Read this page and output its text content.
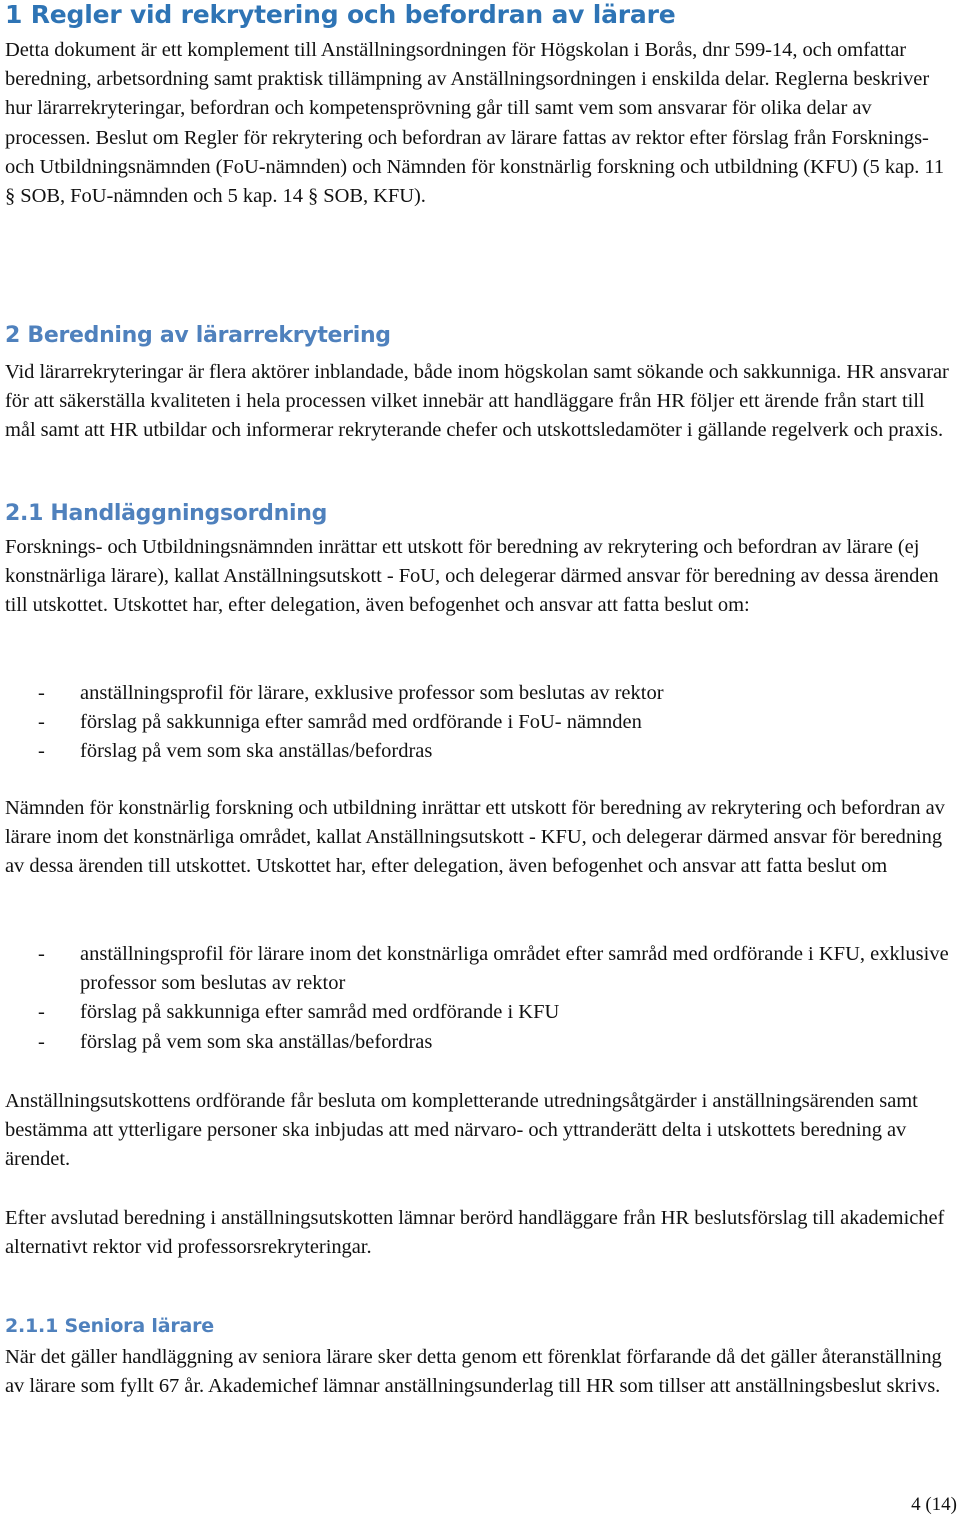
1 Regler vid rekrytering och befordran av lärare

Detta dokument är ett komplement till Anställningsordningen för Högskolan i Borås, dnr 599-14, och omfattar beredning, arbetsordning samt praktisk tillämpning av Anställningsordningen i enskilda delar. Reglerna beskriver hur lärarrekryteringar, befordran och kompetensprövning går till samt vem som ansvarar för olika delar av processen. Beslut om Regler för rekrytering och befordran av lärare fattas av rektor efter förslag från Forsknings- och Utbildningsnämnden (FoU-nämnden) och Nämnden för konstnärlig forskning och utbildning (KFU) (5 kap. 11 § SOB, FoU-nämnden och 5 kap. 14 § SOB, KFU).

2 Beredning av lärarrekrytering

Vid lärarrekryteringar är flera aktörer inblandade, både inom högskolan samt sökande och sakkunniga. HR ansvarar för att säkerställa kvaliteten i hela processen vilket innebär att handläggare från HR följer ett ärende från start till mål samt att HR utbildar och informerar rekryterande chefer och utskottsledamöter i gällande regelverk och praxis.

2.1 Handläggningsordning

Forsknings- och Utbildningsnämnden inrättar ett utskott för beredning av rekrytering och befordran av lärare (ej konstnärliga lärare), kallat Anställningsutskott - FoU, och delegerar därmed ansvar för beredning av dessa ärenden till utskottet. Utskottet har, efter delegation, även befogenhet och ansvar att fatta beslut om:

- anställningsprofil för lärare, exklusive professor som beslutas av rektor
- förslag på sakkunniga efter samråd med ordförande i FoU- nämnden
- förslag på vem som ska anställas/befordras

Nämnden för konstnärlig forskning och utbildning inrättar ett utskott för beredning av rekrytering och befordran av lärare inom det konstnärliga området, kallat Anställningsutskott - KFU, och delegerar därmed ansvar för beredning av dessa ärenden till utskottet. Utskottet har, efter delegation, även befogenhet och ansvar att fatta beslut om

- anställningsprofil för lärare inom det konstnärliga området efter samråd med ordförande i KFU, exklusive professor som beslutas av rektor
- förslag på sakkunniga efter samråd med ordförande i KFU
- förslag på vem som ska anställas/befordras

Anställningsutskottens ordförande får besluta om kompletterande utredningsåtgärder i anställningsärenden samt bestämma att ytterligare personer ska inbjudas att med närvaro- och yttranderätt delta i utskottets beredning av ärendet.

Efter avslutad beredning i anställningsutskotten lämnar berörd handläggare från HR beslutsförslag till akademichef alternativt rektor vid professorsrekryteringar.

2.1.1 Seniora lärare

När det gäller handläggning av seniora lärare sker detta genom ett förenklat förfarande då det gäller återanställning av lärare som fyllt 67 år. Akademichef lämnar anställningsunderlag till HR som tillser att anställningsbeslut skrivs.

4 (14)
